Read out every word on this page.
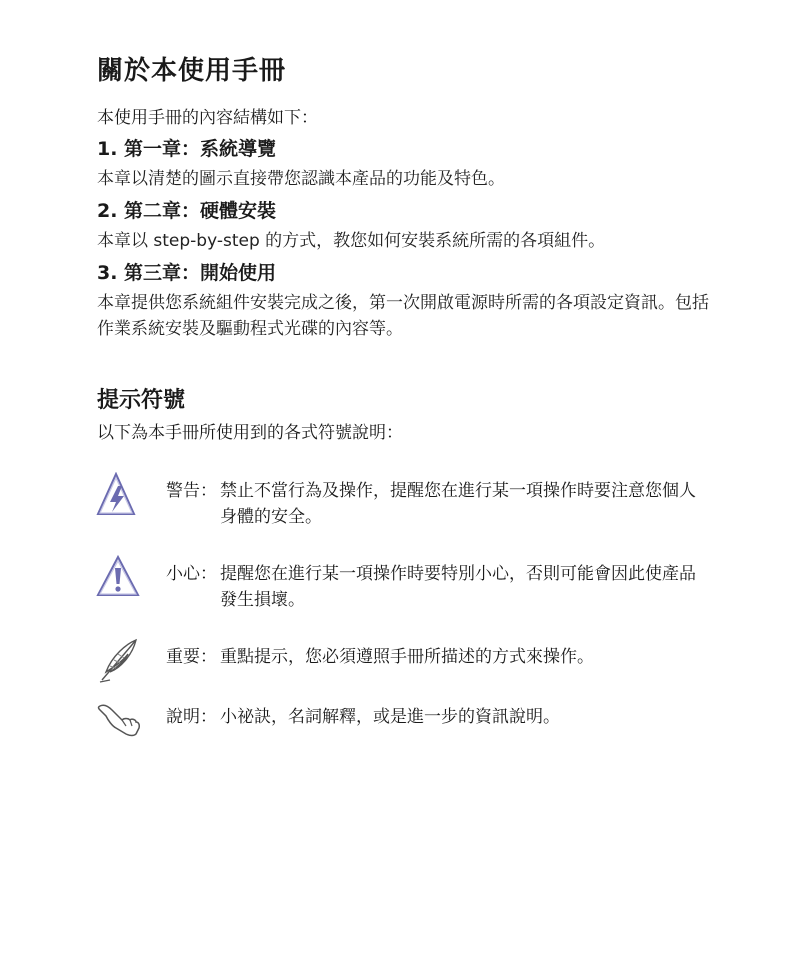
關於本使用手冊
本使用手冊的內容結構如下：
1. 第一章：系統導覽
本章以清楚的圖示直接帶您認識本產品的功能及特色。
2. 第二章：硬體安裝
本章以 step-by-step 的方式，教您如何安裝系統所需的各項組件。
3. 第三章：開始使用
本章提供您系統組件安裝完成之後，第一次開啟電源時所需的各項設定資訊。包括作業系統安裝及驅動程式光碟的內容等。
提示符號
以下為本手冊所使用到的各式符號說明：
警告： 禁止不當行為及操作，提醒您在進行某一項操作時要注意您個人身體的安全。
小心： 提醒您在進行某一項操作時要特別小心，否則可能會因此使產品發生損壞。
重要： 重點提示，您必須遵照手冊所描述的方式來操作。
說明： 小祕訣，名詞解釋，或是進一步的資訊說明。
